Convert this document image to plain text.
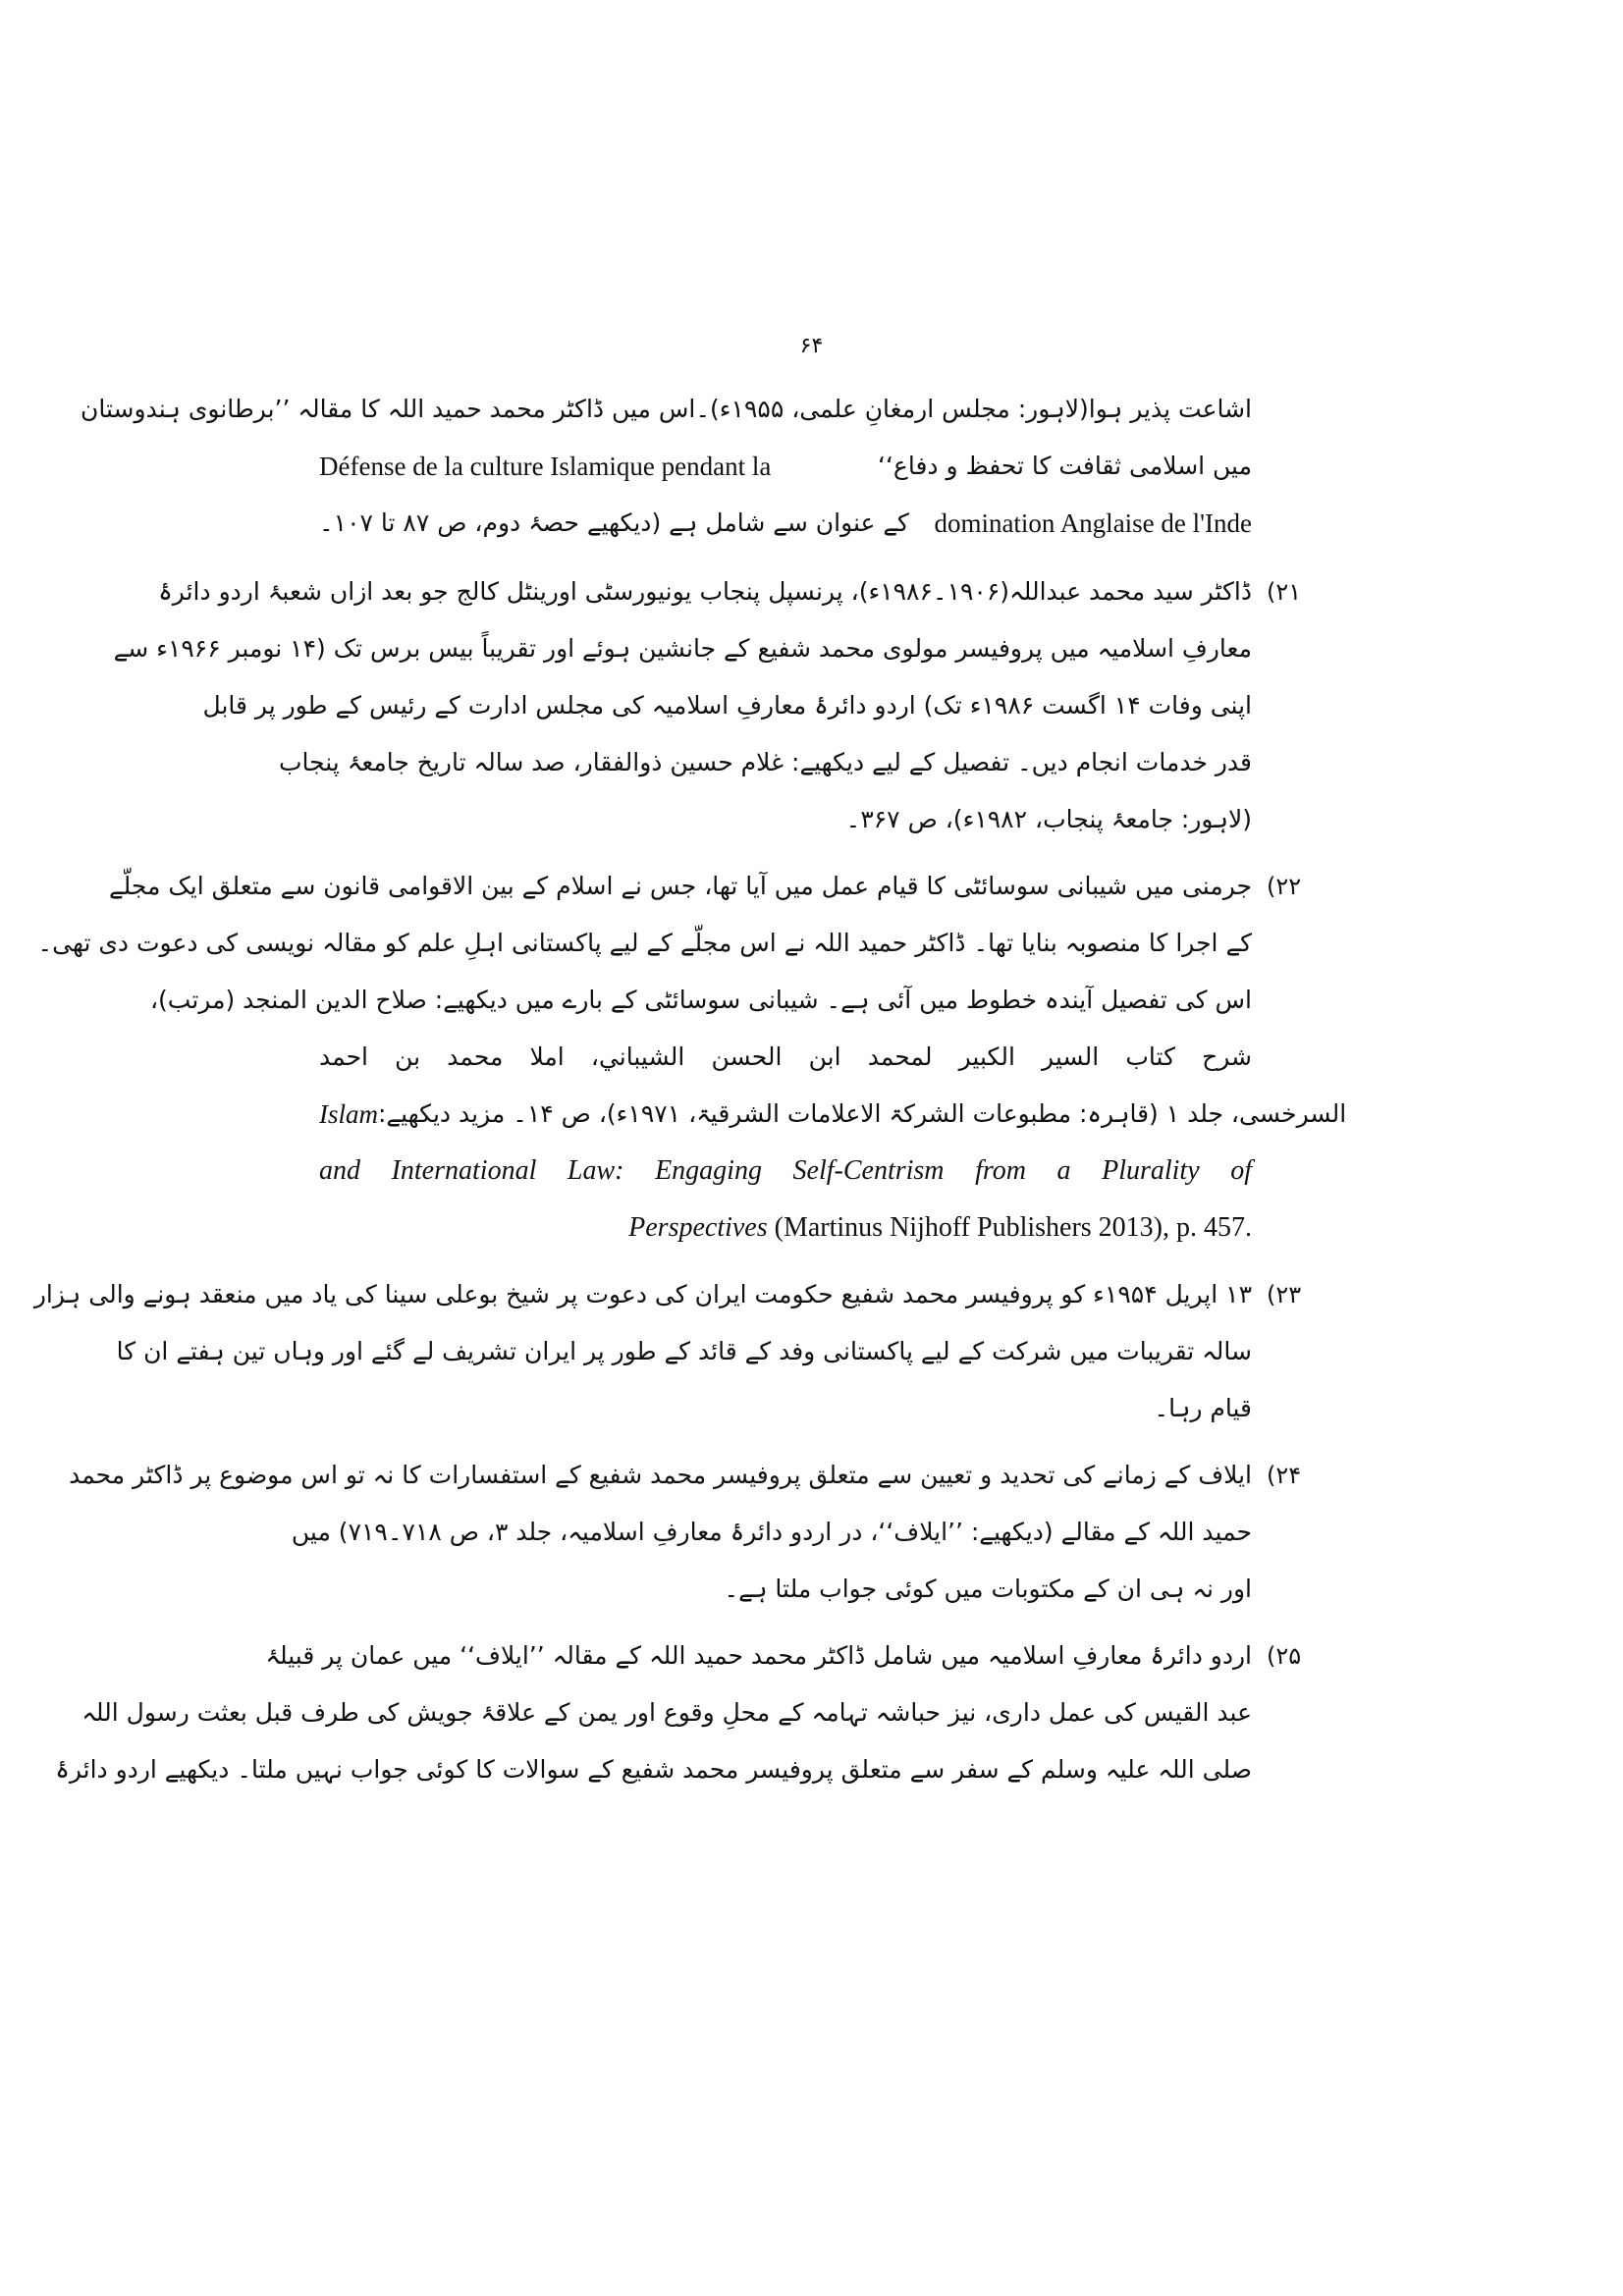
۶۴
اشاعت پذیر ہوا(لاہور: مجلس ارمغانِ علمی، ۱۹۵۵ء)۔اس میں ڈاکٹر محمد حمید اللہ کا مقالہ ’’برطانوی ہندوستان
Défense de la culture Islamique pendant la	میں اسلامی ثقافت کا تحفظ و دفاع‘‘
کے عنوان سے شامل ہے (دیکھیے حصۂ دوم، ص ۸۷ تا ۱۰۷۔ domination Anglaise de l'Inde
ڈاکٹر سید محمد عبداللہ(۱۹۰۶۔۱۹۸۶ء)، پرنسپل پنجاب یونیورسٹی اورینٹل کالج جو بعد ازاں شعبۂ اردو دائرۂ
معارفِ اسلامیہ میں پروفیسر مولوی محمد شفیع کے جانشین ہوئے اور تقریباً بیس برس تک (۱۴ نومبر ۱۹۶۶ء سے
اپنی وفات ۱۴ اگست ۱۹۸۶ء تک) اردو دائرۂ معارفِ اسلامیہ کی مجلس ادارت کے رئیس کے طور پر قابل
قدر خدمات انجام دیں۔ تفصیل کے لیے دیکھیے: غلام حسین ذوالفقار، صد سالہ تاریخ جامعۂ پنجاب
(لاہور: جامعۂ پنجاب، ۱۹۸۲ء)، ص ۳۶۷۔
جرمنی میں شیبانی سوسائٹی کا قیام عمل میں آیا تھا، جس نے اسلام کے بین الاقوامی قانون سے متعلق ایک مجلّے
کے اجرا کا منصوبہ بنایا تھا۔ ڈاکٹر حمید اللہ نے اس مجلّے کے لیے پاکستانی اہلِ علم کو مقالہ نویسی کی دعوت دی تھی۔
اس کی تفصیل آیندہ خطوط میں آئی ہے۔ شیبانی سوسائٹی کے بارے میں دیکھیے: صلاح الدین المنجد (مرتب)،
شرح كتاب السير الكبير لمحمد ابن الحسن الشيباني، املا محمد بن احمد
Islam السرخسی، جلد ۱ (قاہرہ: مطبوعات الشرکۃ الاعلامات الشرقیۃ، ۱۹۷۱ء)، ص ۱۴۔ مزید دیکھیے:
and International Law: Engaging Self-Centrism from a Plurality of
Perspectives (Martinus Nijhoff Publishers 2013), p. 457.
۱۳ اپریل ۱۹۵۴ء کو پروفیسر محمد شفیع حکومت ایران کی دعوت پر شیخ بوعلی سینا کی یاد میں منعقد ہونے والی ہزار
سالہ تقریبات میں شرکت کے لیے پاکستانی وفد کے قائد کے طور پر ایران تشریف لے گئے اور وہاں تین ہفتے ان کا
قیام رہا۔
ایلاف کے زمانے کی تحدید و تعیین سے متعلق پروفیسر محمد شفیع کے استفسارات کا نہ تو اس موضوع پر ڈاکٹر محمد
حمید اللہ کے مقالے (دیکھیے: ’’ایلاف‘‘، در اردو دائرۂ معارفِ اسلامیہ، جلد ۳، ص ۷۱۸۔۷۱۹) میں
اور نہ ہی ان کے مکتوبات میں کوئی جواب ملتا ہے۔
اردو دائرۂ معارفِ اسلامیہ میں شامل ڈاکٹر محمد حمید اللہ کے مقالہ ’’ایلاف‘‘ میں عمان پر قبیلۂ
عبد القیس کی عمل داری، نیز حباشہ تہامہ کے محلِ وقوع اور یمن کے علاقۂ جویش کی طرف قبل بعثت رسول اللہ
صلی اللہ علیہ وسلم کے سفر سے متعلق پروفیسر محمد شفیع کے سوالات کا کوئی جواب نہیں ملتا۔ دیکھیے اردو دائرۂ
۲۱)
۲۲)
۲۳)
۲۴)
۲۵)
